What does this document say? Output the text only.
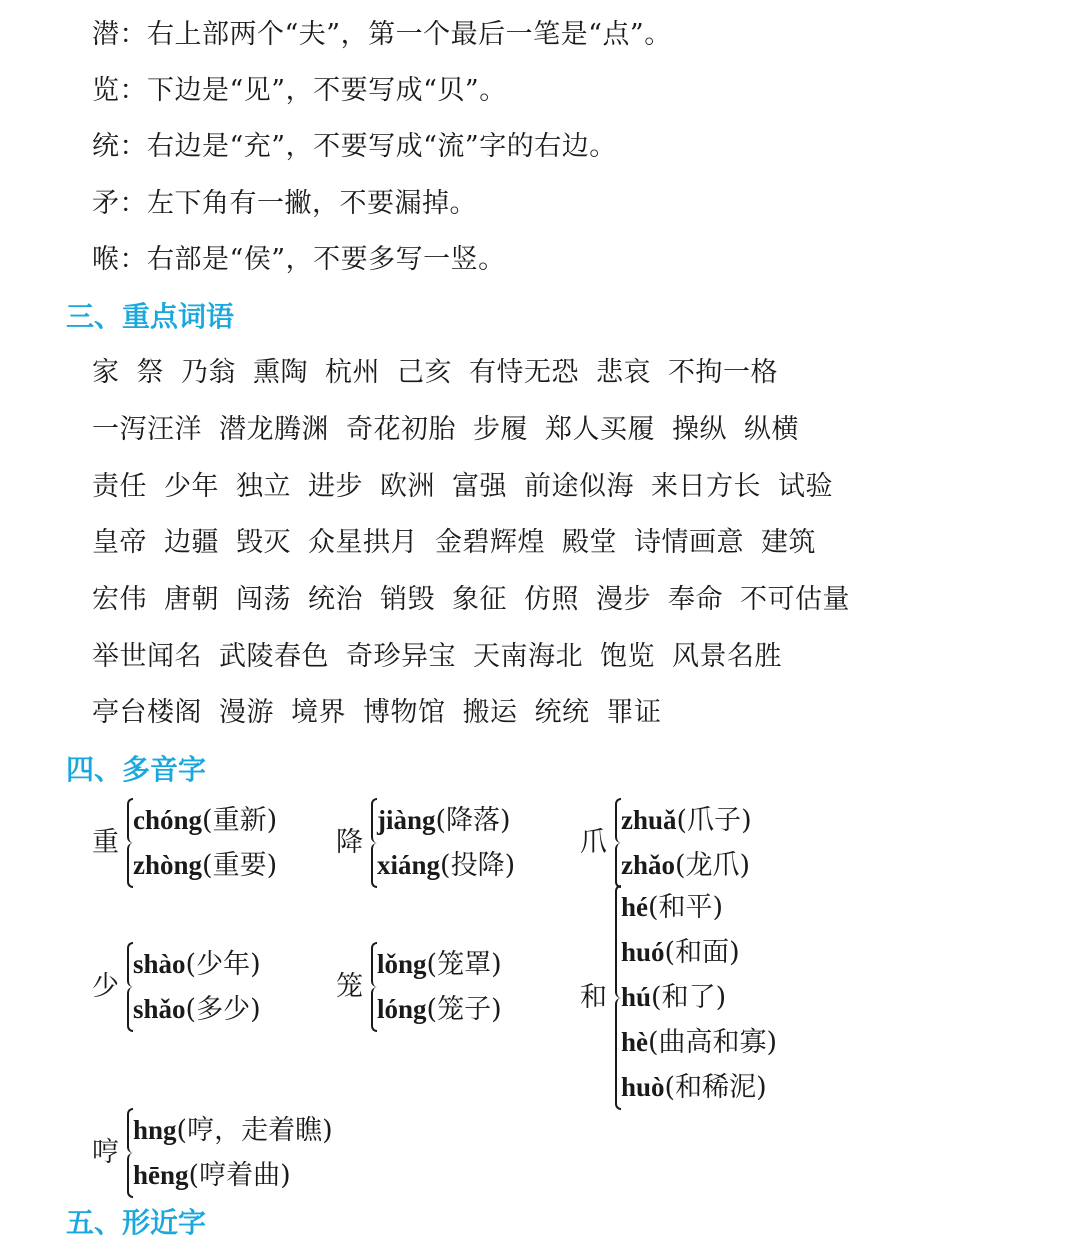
潜：右上部两个“夫”，第一个最后一笔是“点”。
览：下边是“见”，不要写成“贝”。
统：右边是“充”，不要写成“流”字的右边。
矛：左下角有一撇，不要漏掉。
喉：右部是“侯”，不要多写一竖。
三、重点词语
家 祭 乃翁 熏陶 杭州 己亥 有恃无恐 悲哀 不拘一格
一泻汪洋 潜龙腾渊 奇花初胎 步履 郑人买履 操纵 纵横
责任 少年 独立 进步 欧洲 富强 前途似海 来日方长 试验
皇帝 边疆 毁灭 众星拱月 金碧辉煌 殿堂 诗情画意 建筑
宏伟 唐朝 闯荡 统治 销毁 象征 仿照 漫步 奉命 不可估量
举世闻名 武陵春色 奇珍异宝 天南海北 饱览 风景名胜
亭台楼阁 漫游 境界 博物馆 搬运 统统 罪证
四、多音字
重
chóng(重新)
zhòng(重要)
降
jiàng(降落)
xiáng(投降)
爪
zhuǎ(爪子)
zhǎo(龙爪)
少
shào(少年)
shǎo(多少)
笼
lǒng(笼罩)
lóng(笼子)	和
hé(和平)
huó(和面)
hú(和了)
hè(曲高和寡)
huò(和稀泥)
哼
hng(哼，走着瞧)
hēng(哼着曲)
五、形近字
